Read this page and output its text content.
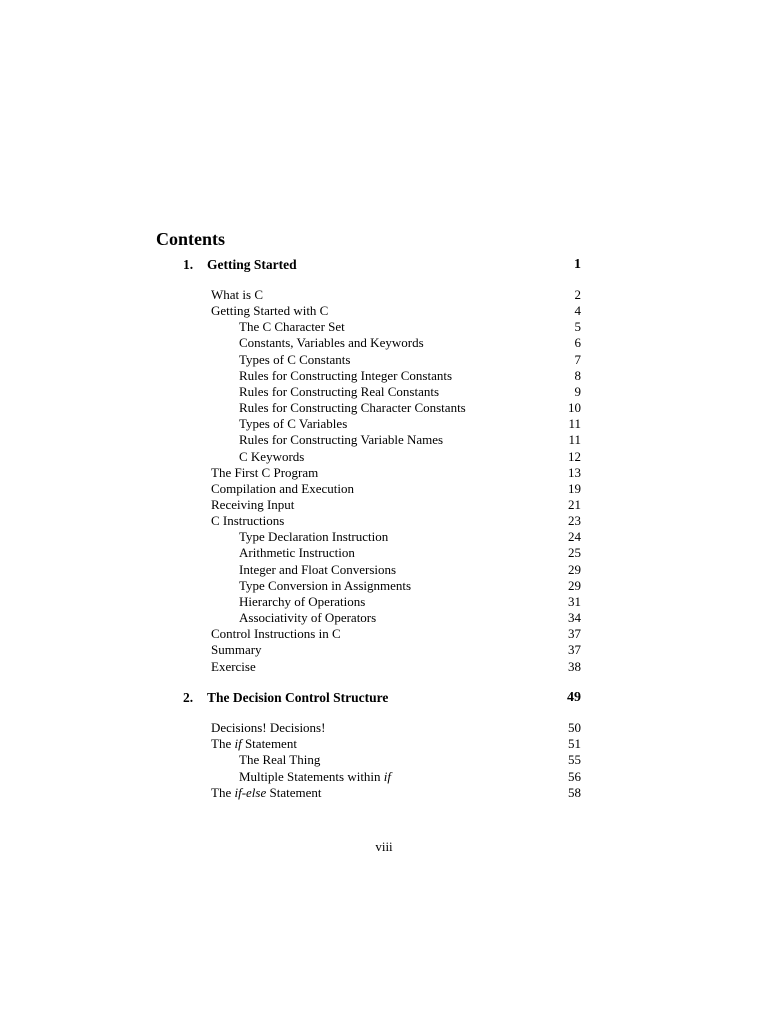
Contents
1. Getting Started	1
What is C	2
Getting Started with C	4
The C Character Set	5
Constants, Variables and Keywords	6
Types of C Constants	7
Rules for Constructing Integer Constants	8
Rules for Constructing Real Constants	9
Rules for Constructing Character Constants	10
Types of C Variables	11
Rules for Constructing Variable Names	11
C Keywords	12
The First C Program	13
Compilation and Execution	19
Receiving Input	21
C Instructions	23
Type Declaration Instruction	24
Arithmetic Instruction	25
Integer and Float Conversions	29
Type Conversion in Assignments	29
Hierarchy of Operations	31
Associativity of Operators	34
Control Instructions in C	37
Summary	37
Exercise	38
2. The Decision Control Structure	49
Decisions! Decisions!	50
The if Statement	51
The Real Thing	55
Multiple Statements within if	56
The if-else Statement	58
viii
